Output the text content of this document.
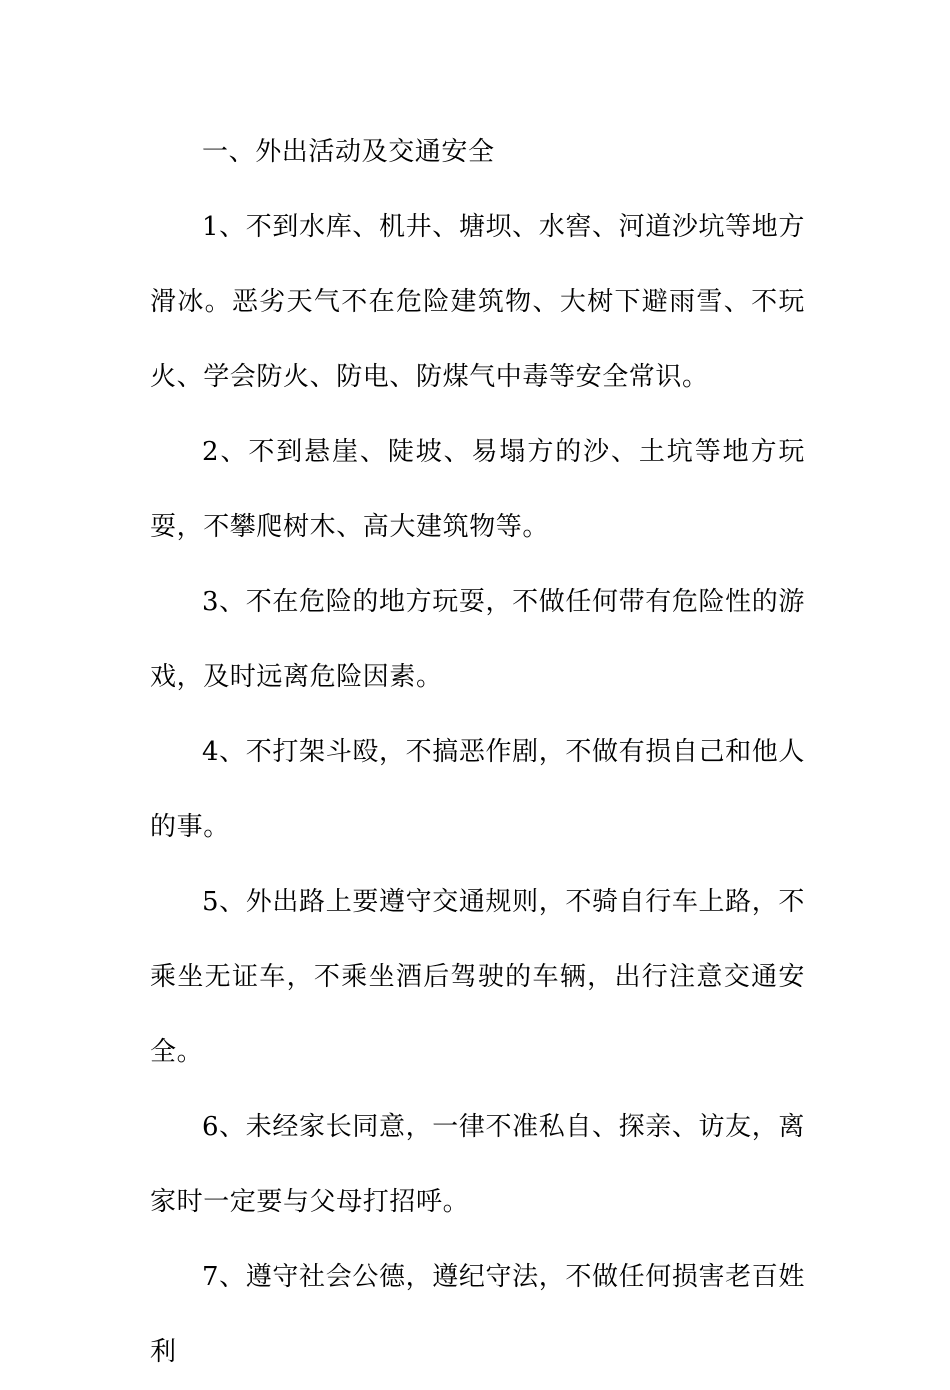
一、外出活动及交通安全

1、不到水库、机井、塘坝、水窖、河道沙坑等地方滑冰。恶劣天气不在危险建筑物、大树下避雨雪、不玩火、学会防火、防电、防煤气中毒等安全常识。

2、不到悬崖、陡坡、易塌方的沙、土坑等地方玩耍，不攀爬树木、高大建筑物等。

3、不在危险的地方玩耍，不做任何带有危险性的游戏，及时远离危险因素。

4、不打架斗殴，不搞恶作剧，不做有损自己和他人的事。

5、外出路上要遵守交通规则，不骑自行车上路，不乘坐无证车，不乘坐酒后驾驶的车辆，出行注意交通安全。

6、未经家长同意，一律不准私自、探亲、访友，离家时一定要与父母打招呼。

7、遵守社会公德，遵纪守法，不做任何损害老百姓利
